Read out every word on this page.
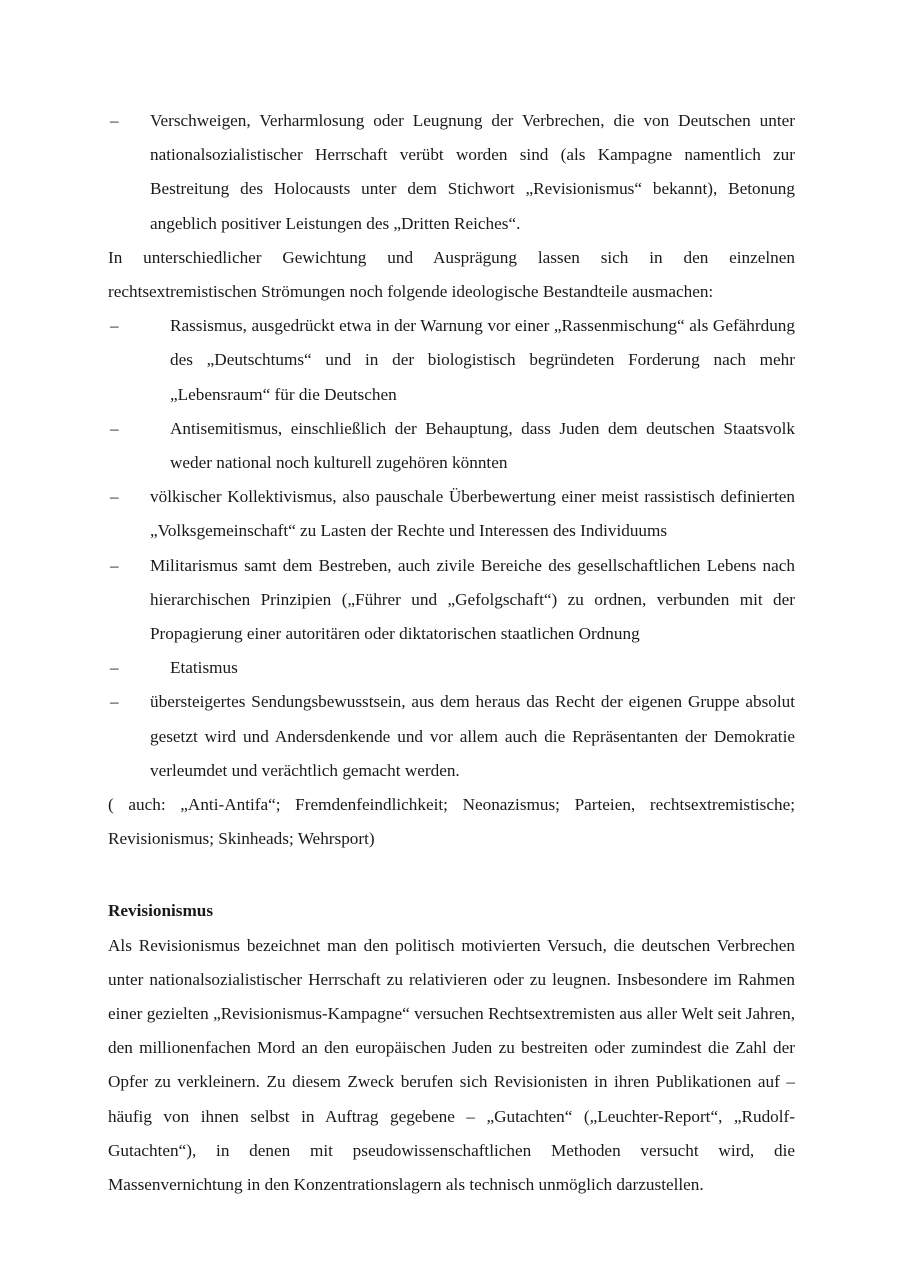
– Verschweigen, Verharmlosung oder Leugnung der Verbrechen, die von Deutschen unter nationalsozialistischer Herrschaft verübt worden sind (als Kampagne namentlich zur Bestreitung des Holocausts unter dem Stichwort „Revisionismus“ bekannt), Betonung angeblich positiver Leistungen des „Dritten Reiches“.

In unterschiedlicher Gewichtung und Ausprägung lassen sich in den einzelnen rechtsextremistischen Strömungen noch folgende ideologische Bestandteile ausmachen:

–	Rassismus, ausgedrückt etwa in der Warnung vor einer „Rassenmischung“ als Gefährdung des „Deutschtums“ und in der biologistisch begründeten Forderung nach mehr „Lebensraum“ für die Deutschen
–	Antisemitismus, einschließlich der Behauptung, dass Juden dem deutschen Staatsvolk weder national noch kulturell zugehören könnten
– völkischer Kollektivismus, also pauschale Überbewertung einer meist rassistisch definierten „Volksgemeinschaft“ zu Lasten der Rechte und Interessen des Individuums
– Militarismus samt dem Bestreben, auch zivile Bereiche des gesellschaftlichen Lebens nach hierarchischen Prinzipien („Führer und „Gefolgschaft“) zu ordnen, verbunden mit der Propagierung einer autoritären oder diktatorischen staatlichen Ordnung
–	Etatismus
– übersteigertes Sendungsbewusstsein, aus dem heraus das Recht der eigenen Gruppe absolut gesetzt wird und Andersdenkende und vor allem auch die Repräsentanten der Demokratie verleumdet und verächtlich gemacht werden.

( auch: „Anti-Antifa“; Fremdenfeindlichkeit; Neonazismus; Parteien, rechtsextremistische; Revisionismus; Skinheads; Wehrsport)

Revisionismus

Als Revisionismus bezeichnet man den politisch motivierten Versuch, die deutschen Verbrechen unter nationalsozialistischer Herrschaft zu relativieren oder zu leugnen. Insbesondere im Rahmen einer gezielten „Revisionismus-Kampagne“ versuchen Rechtsextremisten aus aller Welt seit Jahren, den millionenfachen Mord an den europäischen Juden zu bestreiten oder zumindest die Zahl der Opfer zu verkleinern. Zu diesem Zweck berufen sich Revisionisten in ihren Publikationen auf – häufig von ihnen selbst in Auftrag gegebene – „Gutachten“ („Leuchter-Report“, „Rudolf-Gutachten“), in denen mit pseudowissenschaftlichen Methoden versucht wird, die Massenvernichtung in den Konzentrationslagern als technisch unmöglich darzustellen.
